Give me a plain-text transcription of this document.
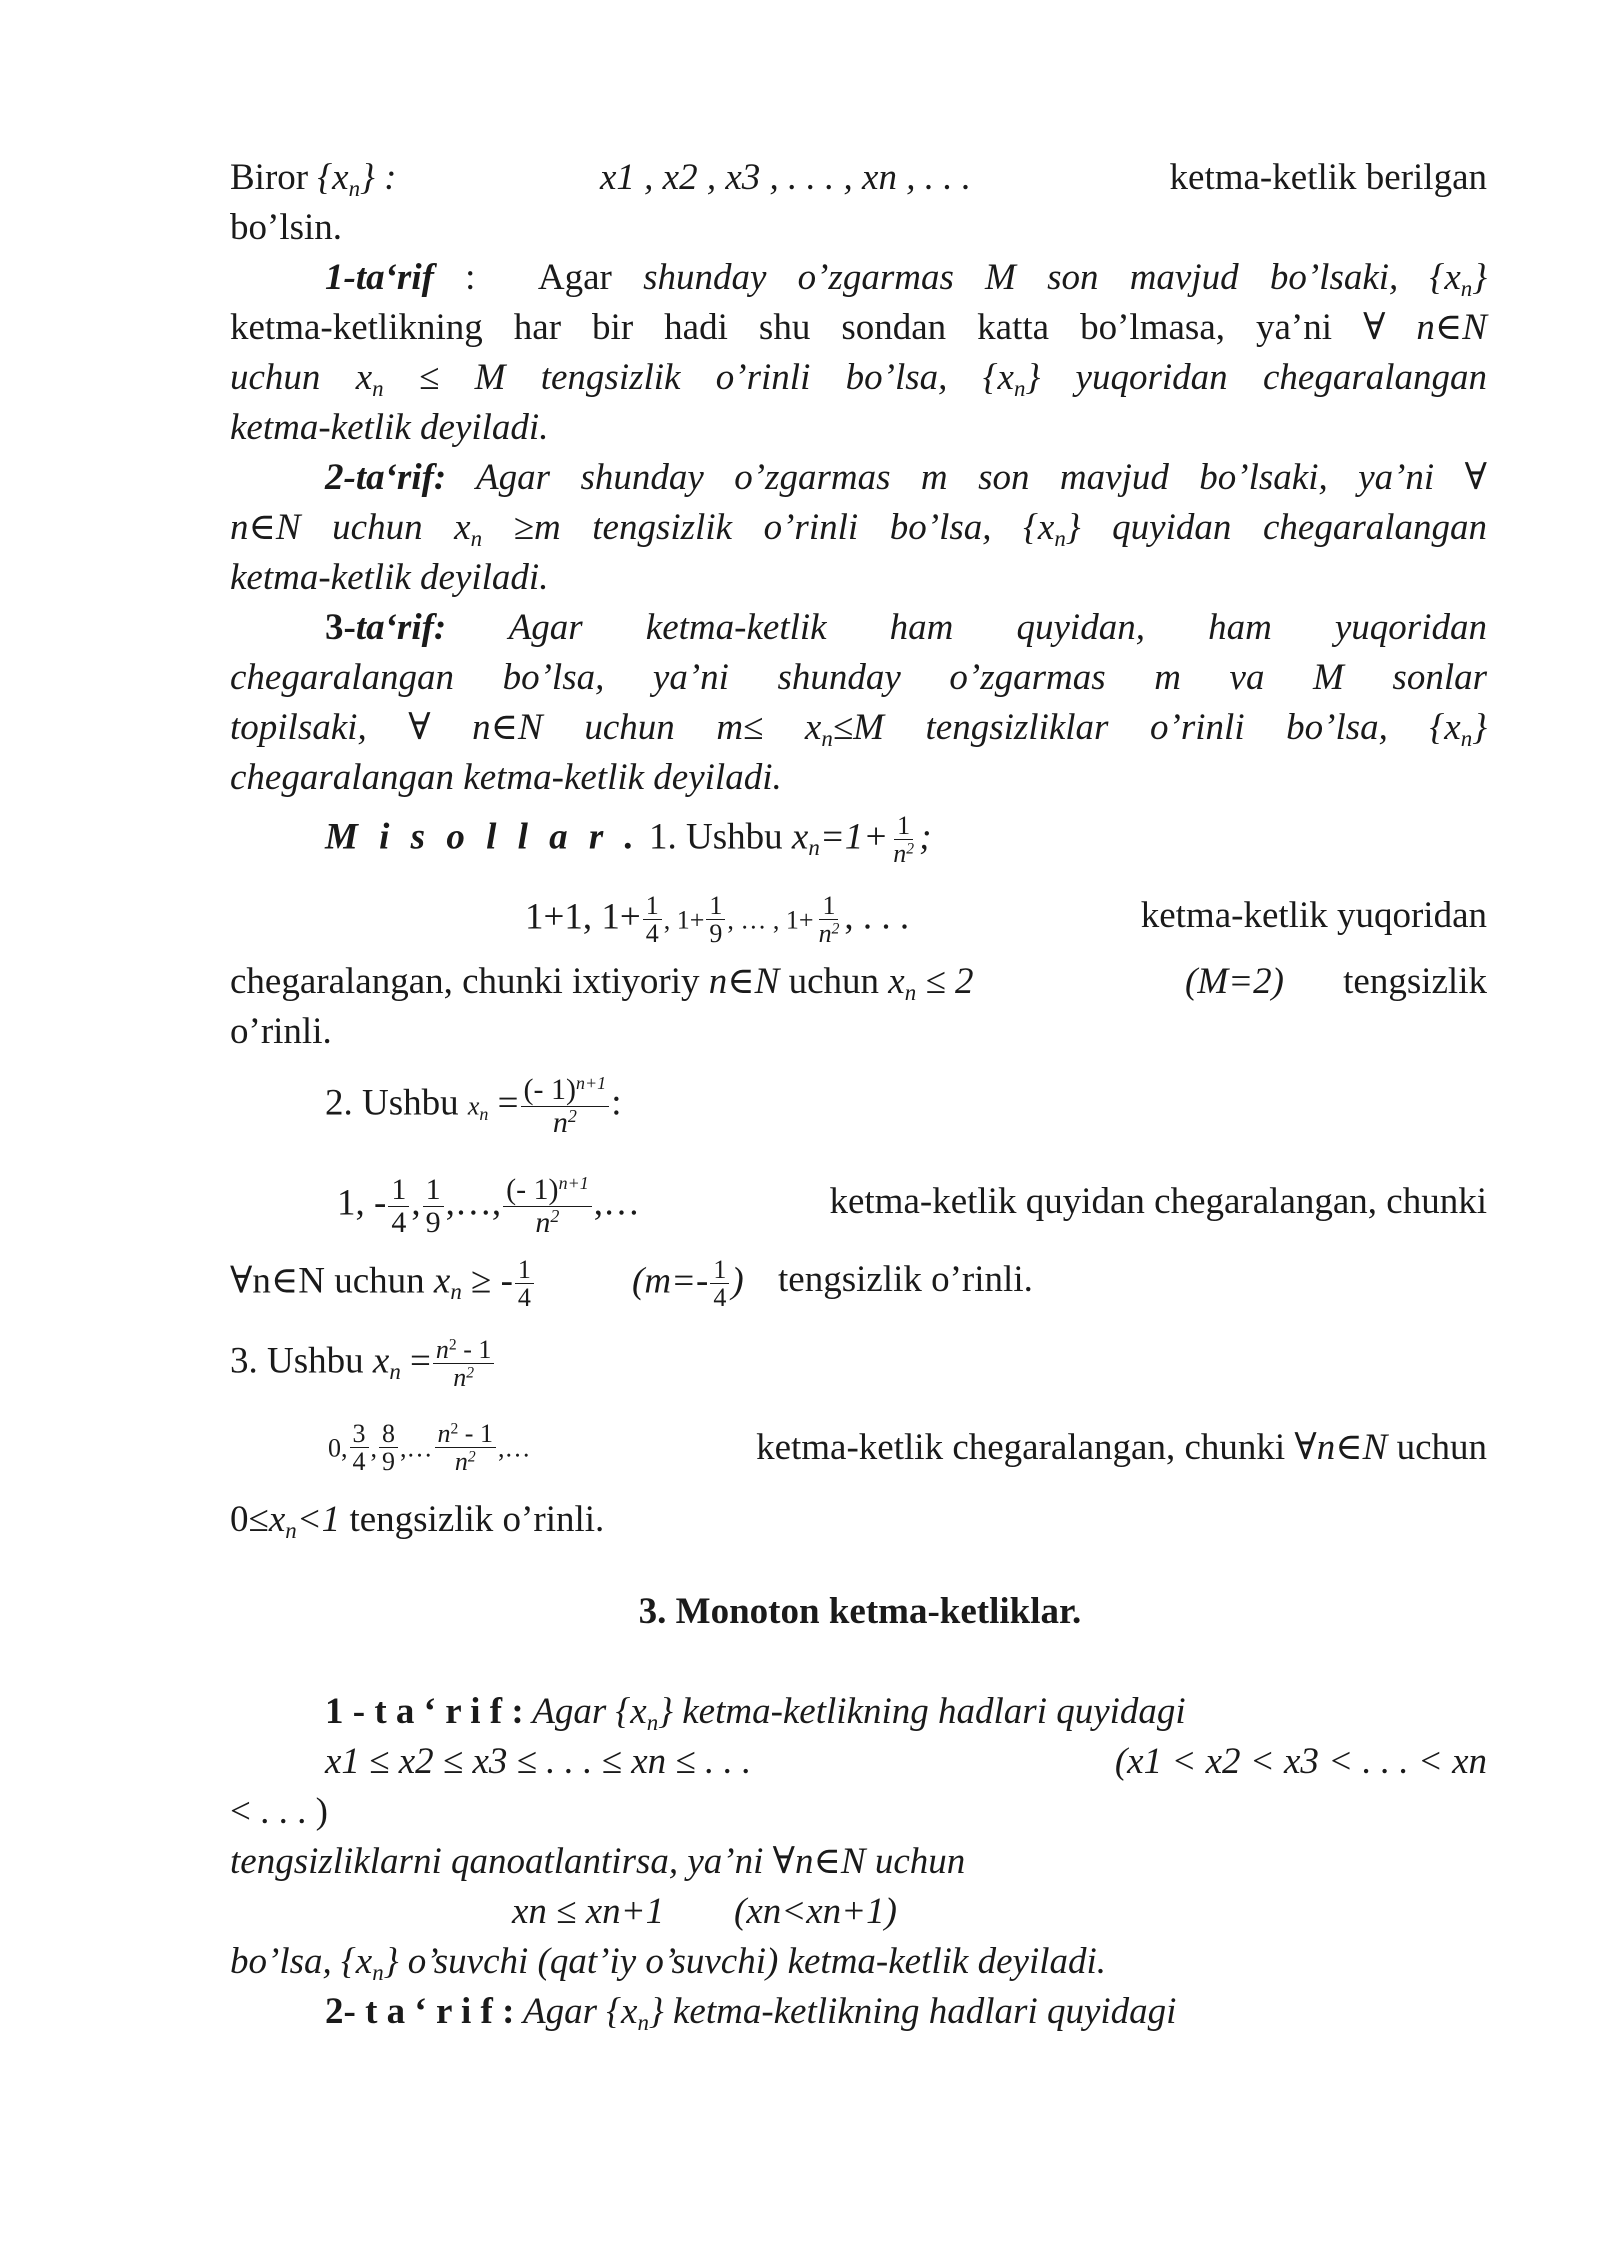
Biror $\{x_n\}$ :	x1 , x2 , x3 , . . . , xn , . . .	ketma-ketlik berilgan
bo’lsin.
1-ta‘rif : Agar shunday o’zgarmas M son mavjud bo’lsaki, $\{x_n\}$
ketma-ketlikning har bir hadi shu sondan katta bo’lmasa, ya’ni ∀ n∈N
uchun $x_n \le M$ tengsizlik o’rinli bo’lsa, $\{x_n\}$ yuqoridan chegaralangan
ketma-ketlik deyiladi.
2-ta‘rif: Agar shunday o’zgarmas m son mavjud bo’lsaki, ya’ni ∀
n∈N uchun $x_n \ge m$ tengsizlik o’rinli bo’lsa, $\{x_n\}$ quyidan chegaralangan
ketma-ketlik deyiladi.
3-ta‘rif: Agar ketma-ketlik ham quyidan, ham yuqoridan
chegaralangan bo’lsa, ya’ni shunday o’zgarmas m va M sonlar
topilsaki, ∀ n∈N uchun $m\le x_n\le M$ tengsizliklar o’rinli bo’lsa, $\{x_n\}$
chegaralangan ketma-ketlik deyiladi.
M i s o l l a r . 1. Ushbu $x_n=1+ \frac{1}{n^2}$ ;
1+1, $1+ \frac{1}{4}$ , $1+ \frac{1}{9}$ , … , $1+ \frac{1}{n^2}$ , . . .	ketma-ketlik yuqoridan
chegaralangan, chunki ixtiyoriy n∈N uchun $x_n \le 2$	(M=2) tengsizlik
o’rinli.
2. Ushbu $x_n = \frac{(- 1)^{n+1}}{n^2}$ :
1, - $\frac{1}{4}$ , $\frac{1}{9}$ ,…, $\frac{(- 1)^{n+1}}{n^2}$ ,…	ketma-ketlik quyidan chegaralangan, chunki
∀n∈N uchun $x_n$ ≥ - $\frac{1}{4}$	($m=- \frac{1}{4}$ ) tengsizlik o’rinli.
3. Ushbu $x_n = \frac{n^2 - 1}{n^2}$
0, $\frac{3}{4}$ , $\frac{8}{9}$ ,… $\frac{n^2 - 1}{n^2}$ ,…	ketma-ketlik chegaralangan, chunki ∀n∈N uchun
$0\le x_n<1$ tengsizlik o’rinli.
3. Monoton ketma-ketliklar.
1 - t a ‘ r i f : Agar $\{x_n\}$ ketma-ketlikning hadlari quyidagi
x1 ≤ x2 ≤ x3 ≤ . . . ≤ xn ≤ . . .	(x1 < x2 < x3 < . . . < xn
< . . . )
tengsizliklarni qanoatlantirsa, ya’ni ∀n∈N uchun
xn ≤ xn+1 (xn<xn+1)
bo’lsa, $\{x_n\}$ o’suvchi (qat’iy o’suvchi) ketma-ketlik deyiladi.
2- t a ‘ r i f : Agar $\{x_n\}$ ketma-ketlikning hadlari quyidagi
